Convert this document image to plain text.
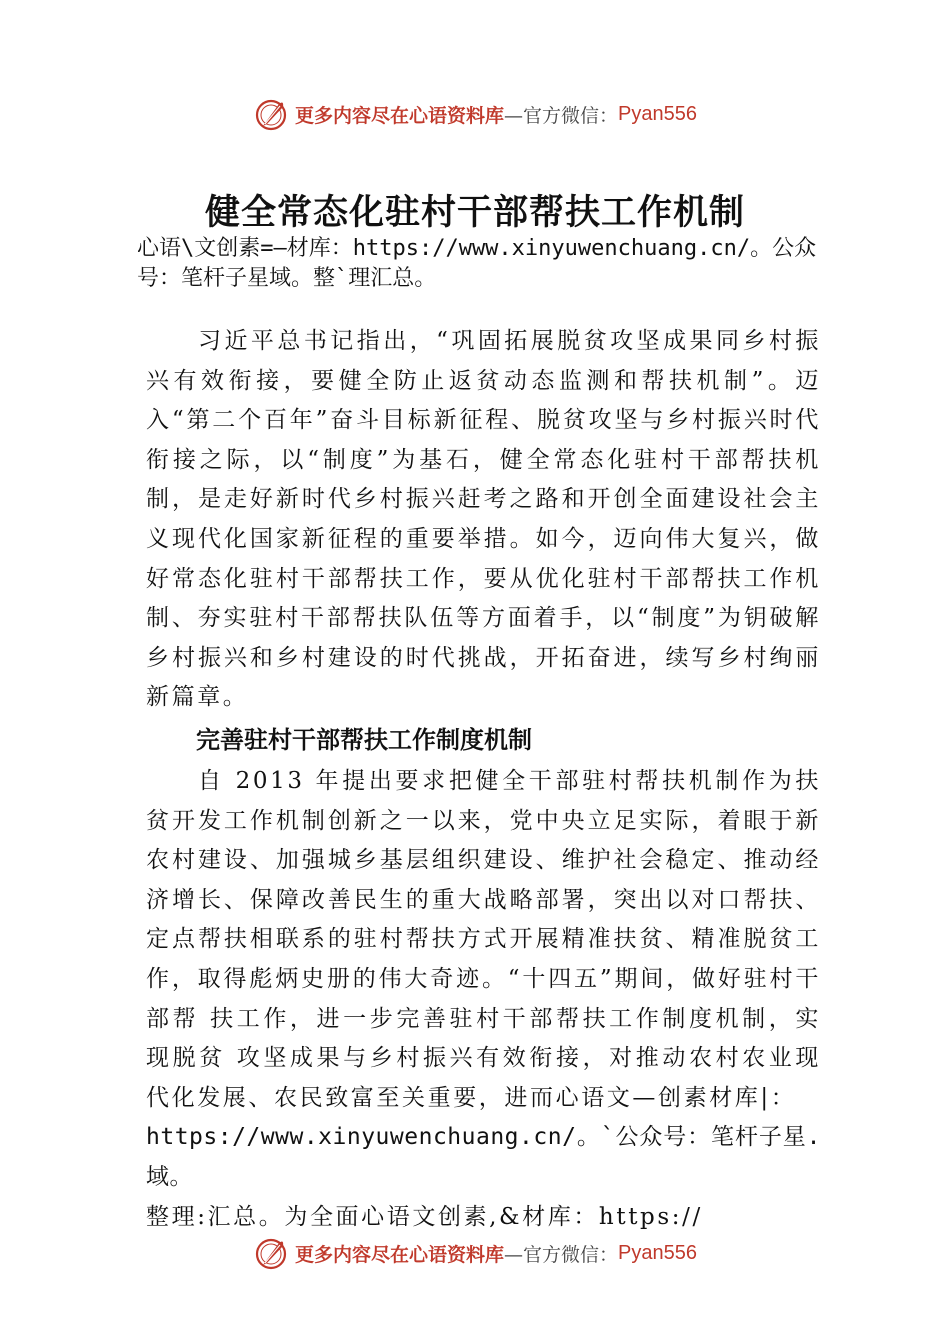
更多内容尽在心语资料库 —官方微信： Pyan556
健全常态化驻村干部帮扶工作机制
心语\文创素=—材库：https://www.xinyuwenchuang.cn/。公众号：笔杆子星域。整`理汇总。
习近平总书记指出，“巩固拓展脱贫攻坚成果同乡村振兴有效衔接，要健全防止返贫动态监测和帮扶机制”。迈入“第二个百年”奋斗目标新征程、脱贫攻坚与乡村振兴时代衔接之际，以“制度”为基石，健全常态化驻村干部帮扶机制，是走好新时代乡村振兴赶考之路和开创全面建设社会主义现代化国家新征程的重要举措。如今，迈向伟大复兴，做好常态化驻村干部帮扶工作，要从优化驻村干部帮扶工作机制、夯实驻村干部帮扶队伍等方面着手，以“制度”为钥破解乡村振兴和乡村建设的时代挑战，开拓奋进，续写乡村绚丽新篇章。
完善驻村干部帮扶工作制度机制
自 2013 年提出要求把健全干部驻村帮扶机制作为扶贫开发工作机制创新之一以来，党中央立足实际，着眼于新农村建设、加强城乡基层组织建设、维护社会稳定、推动经济增长、保障改善民生的重大战略部署，突出以对口帮扶、定点帮扶相联系的驻村帮扶方式开展精准扶贫、精准脱贫工作，取得彪炳史册的伟大奇迹。“十四五”期间，做好驻村干部帮 扶工作，进一步完善驻村干部帮扶工作制度机制，实现脱贫 攻坚成果与乡村振兴有效衔接，对推动农村农业现代化发展、农民致富至关重要，进而心语文—创素材库|：
https://www.xinyuwenchuang.cn/。`公众号：笔杆子星.域。
整理:汇总。为全面心语文创素,&材库：https://
更多内容尽在心语资料库 —官方微信： Pyan556
